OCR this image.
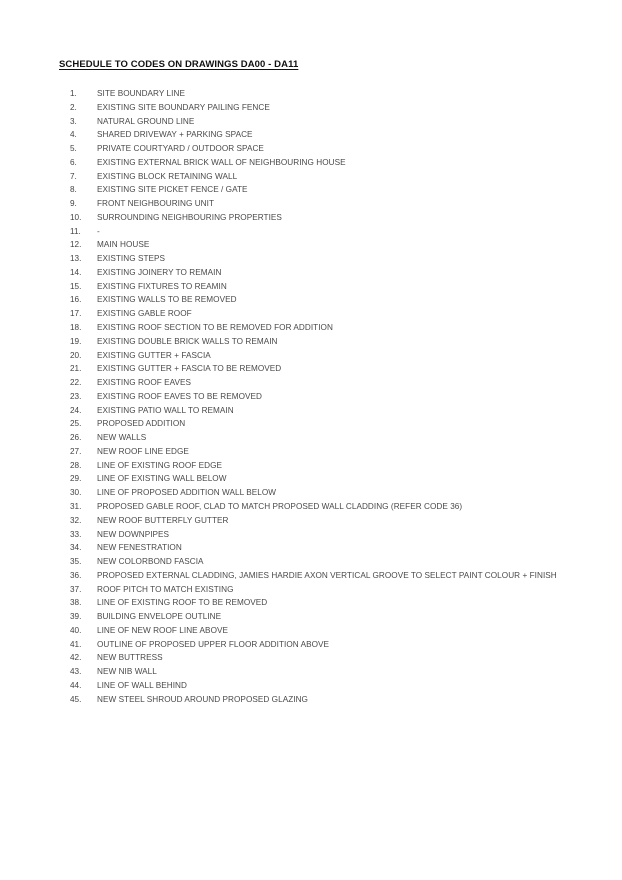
SCHEDULE TO CODES ON DRAWINGS DA00 - DA11
1. SITE BOUNDARY LINE
2. EXISTING SITE BOUNDARY PAILING FENCE
3. NATURAL GROUND LINE
4. SHARED DRIVEWAY + PARKING SPACE
5. PRIVATE COURTYARD / OUTDOOR SPACE
6. EXISTING EXTERNAL BRICK WALL OF NEIGHBOURING HOUSE
7. EXISTING BLOCK RETAINING WALL
8. EXISTING SITE PICKET FENCE / GATE
9. FRONT NEIGHBOURING UNIT
10. SURROUNDING NEIGHBOURING PROPERTIES
11. -
12. MAIN HOUSE
13. EXISTING STEPS
14. EXISTING JOINERY TO REMAIN
15. EXISTING FIXTURES TO REAMIN
16. EXISTING WALLS TO BE REMOVED
17. EXISTING GABLE ROOF
18. EXISTING ROOF SECTION TO BE REMOVED FOR ADDITION
19. EXISTING DOUBLE BRICK WALLS TO REMAIN
20. EXISTING GUTTER + FASCIA
21. EXISTING GUTTER + FASCIA TO BE REMOVED
22. EXISTING ROOF EAVES
23. EXISTING ROOF EAVES TO BE REMOVED
24. EXISTING PATIO WALL TO REMAIN
25. PROPOSED ADDITION
26. NEW WALLS
27. NEW ROOF LINE EDGE
28. LINE OF EXISTING ROOF EDGE
29. LINE OF EXISTING WALL BELOW
30. LINE OF PROPOSED ADDITION WALL BELOW
31. PROPOSED GABLE ROOF, CLAD TO MATCH PROPOSED WALL CLADDING (REFER CODE 36)
32. NEW ROOF BUTTERFLY GUTTER
33. NEW DOWNPIPES
34. NEW FENESTRATION
35. NEW COLORBOND FASCIA
36. PROPOSED EXTERNAL CLADDING, JAMIES HARDIE AXON VERTICAL GROOVE TO SELECT PAINT COLOUR + FINISH
37. ROOF PITCH TO MATCH EXISTING
38. LINE OF EXISTING ROOF TO BE REMOVED
39. BUILDING ENVELOPE OUTLINE
40. LINE OF NEW ROOF LINE ABOVE
41. OUTLINE OF PROPOSED UPPER FLOOR ADDITION ABOVE
42. NEW BUTTRESS
43. NEW NIB WALL
44. LINE OF WALL BEHIND
45. NEW STEEL SHROUD AROUND PROPOSED GLAZING
